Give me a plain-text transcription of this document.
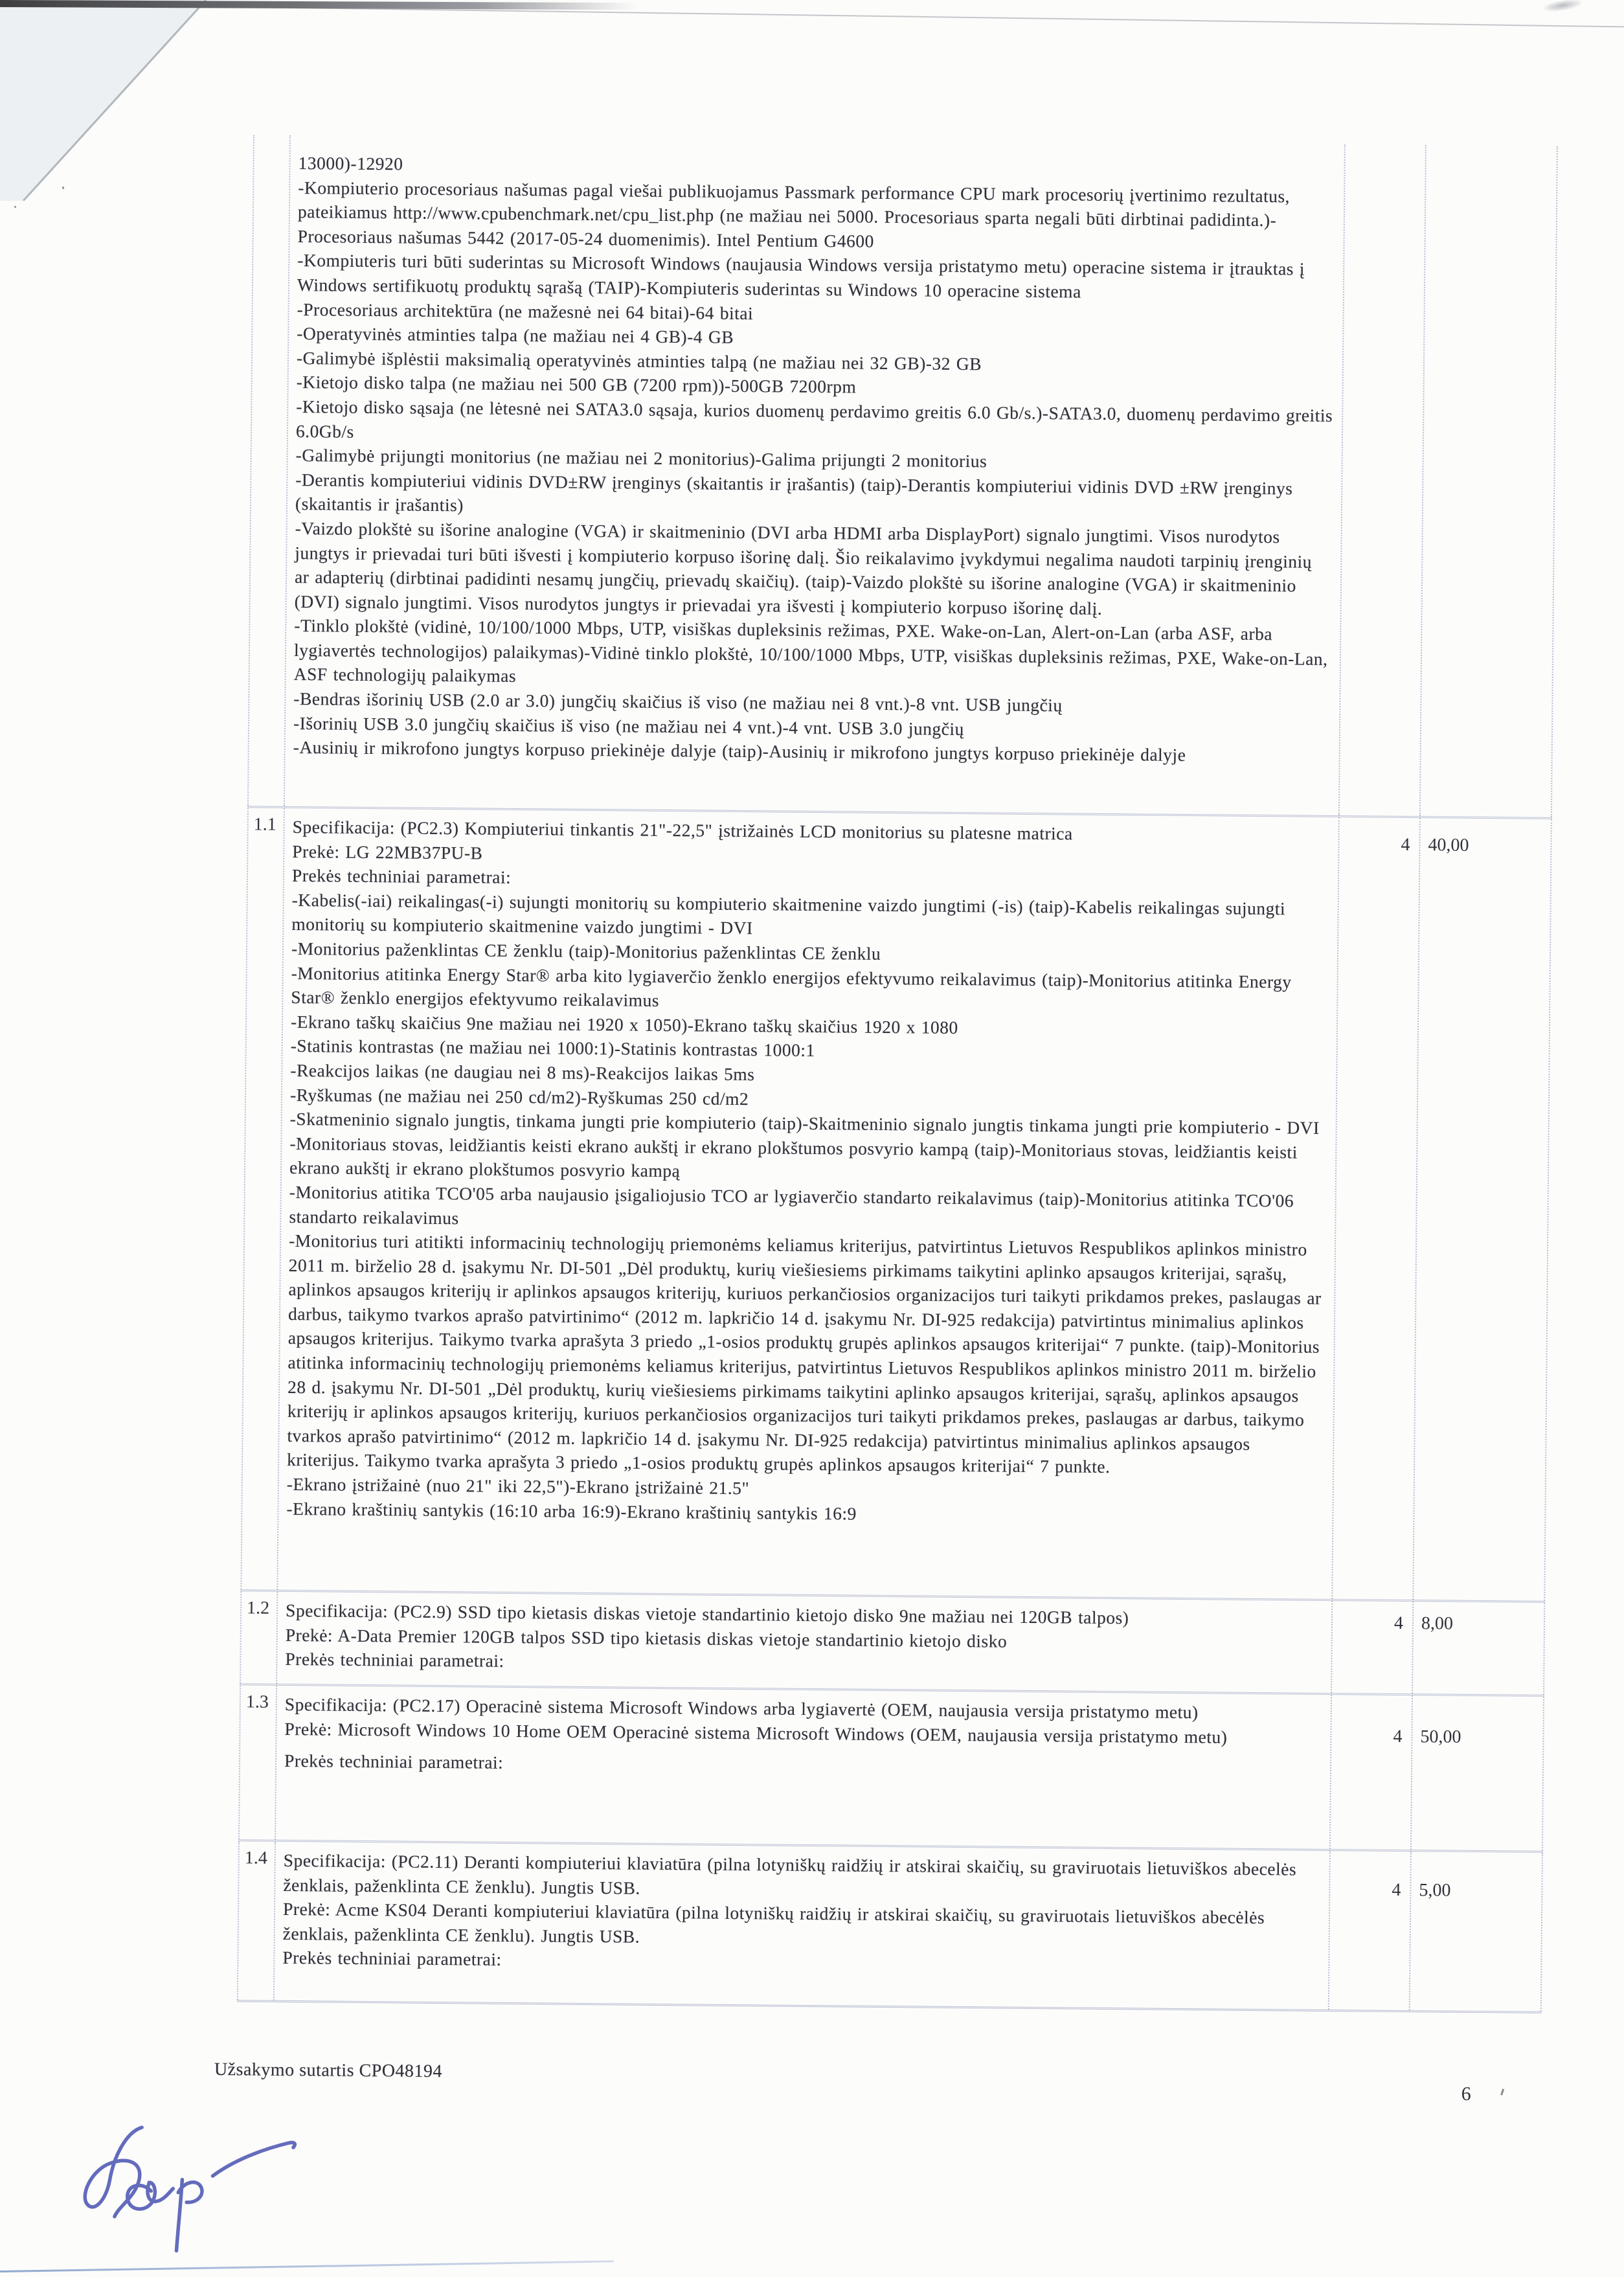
13000)-12920
-Kompiuterio procesoriaus našumas pagal viešai publikuojamus Passmark performance CPU mark procesorių įvertinimo rezultatus, pateikiamus http://www.cpubenchmark.net/cpu_list.php (ne mažiau nei 5000. Procesoriaus sparta negali būti dirbtinai padidinta.)-Procesoriaus našumas 5442 (2017-05-24 duomenimis). Intel Pentium G4600
-Kompiuteris turi būti suderintas su Microsoft Windows (naujausia Windows versija pristatymo metu) operacine sistema ir įtrauktas į Windows sertifikuotų produktų sąrašą (TAIP)-Kompiuteris suderintas su Windows 10 operacine sistema
-Procesoriaus architektūra (ne mažesnė nei 64 bitai)-64 bitai
-Operatyvinės atminties talpa (ne mažiau nei 4 GB)-4 GB
-Galimybė išplėstii maksimalią operatyvinės atminties talpą (ne mažiau nei 32 GB)-32 GB
-Kietojo disko talpa (ne mažiau nei 500 GB (7200 rpm))-500GB 7200rpm
-Kietojo disko sąsaja (ne lėtesnė nei SATA3.0 sąsaja, kurios duomenų perdavimo greitis 6.0 Gb/s.)-SATA3.0, duomenų perdavimo greitis 6.0Gb/s
-Galimybė prijungti monitorius (ne mažiau nei 2 monitorius)-Galima prijungti 2 monitorius
-Derantis kompiuteriui vidinis DVD±RW įrenginys (skaitantis ir įrašantis) (taip)-Derantis kompiuteriui vidinis DVD ±RW įrenginys (skaitantis ir įrašantis)
-Vaizdo plokštė su išorine analogine (VGA) ir skaitmeninio (DVI arba HDMI arba DisplayPort) signalo jungtimi. Visos nurodytos jungtys ir prievadai turi būti išvesti į kompiuterio korpuso išorinę dalį. Šio reikalavimo įvykdymui negalima naudoti tarpinių įrenginių ar adapterių (dirbtinai padidinti nesamų jungčių, prievadų skaičių). (taip)-Vaizdo plokštė su išorine analogine (VGA) ir skaitmeninio (DVI) signalo jungtimi. Visos nurodytos jungtys ir prievadai yra išvesti į kompiuterio korpuso išorinę dalį.
-Tinklo plokštė (vidinė, 10/100/1000 Mbps, UTP, visiškas dupleksinis režimas, PXE. Wake-on-Lan, Alert-on-Lan (arba ASF, arba lygiavertės technologijos) palaikymas)-Vidinė tinklo plokštė, 10/100/1000 Mbps, UTP, visiškas dupleksinis režimas, PXE, Wake-on-Lan, ASF technologijų palaikymas
-Bendras išorinių USB (2.0 ar 3.0) jungčių skaičius iš viso (ne mažiau nei 8 vnt.)-8 vnt. USB jungčių
-Išorinių USB 3.0 jungčių skaičius iš viso (ne mažiau nei 4 vnt.)-4 vnt. USB 3.0 jungčių
-Ausinių ir mikrofono jungtys korpuso priekinėje dalyje (taip)-Ausinių ir mikrofono jungtys korpuso priekinėje dalyje
1.1 Specifikacija: (PC2.3) Kompiuteriui tinkantis 21"-22,5" įstrižainės LCD monitorius su platesne matrica
Prekė: LG 22MB37PU-B
Prekės techniniai parametrai:
-Kabelis(-iai) reikalingas(-i) sujungti monitorių su kompiuterio skaitmenine vaizdo jungtimi (-is) (taip)-Kabelis reikalingas sujungti monitorių su kompiuterio skaitmenine vaizdo jungtimi - DVI
-Monitorius paženklintas CE ženklu (taip)-Monitorius paženklintas CE ženklu
-Monitorius atitinka Energy Star® arba kito lygiaverčio ženklo energijos efektyvumo reikalavimus (taip)-Monitorius atitinka Energy Star® ženklo energijos efektyvumo reikalavimus
-Ekrano taškų skaičius 9ne mažiau nei 1920 x 1050)-Ekrano taškų skaičius 1920 x 1080
-Statinis kontrastas (ne mažiau nei 1000:1)-Statinis kontrastas 1000:1
-Reakcijos laikas (ne daugiau nei 8 ms)-Reakcijos laikas 5ms
-Ryškumas (ne mažiau nei 250 cd/m2)-Ryškumas 250 cd/m2
-Skatmeninio signalo jungtis, tinkama jungti prie kompiuterio (taip)-Skaitmeninio signalo jungtis tinkama jungti prie kompiuterio - DVI
-Monitoriaus stovas, leidžiantis keisti ekrano aukštį ir ekrano plokštumos posvyrio kampą (taip)-Monitoriaus stovas, leidžiantis keisti ekrano aukštį ir ekrano plokštumos posvyrio kampą
-Monitorius atitika TCO'05 arba naujausio įsigaliojusio TCO ar lygiaverčio standarto reikalavimus (taip)-Monitorius atitinka TCO'06 standarto reikalavimus
-Monitorius turi atitikti informacinių technologijų priemonėms keliamus kriterijus, patvirtintus Lietuvos Respublikos aplinkos ministro 2011 m. birželio 28 d. įsakymu Nr. DI-501 „Dėl produktų, kurių viešiesiems pirkimams taikytini aplinko apsaugos kriterijai, sąrašų, aplinkos apsaugos kriterijų ir aplinkos apsaugos kriterijų, kuriuos perkančiosios organizacijos turi taikyti prikdamos prekes, paslaugas ar darbus, taikymo tvarkos aprašo patvirtinimo“ (2012 m. lapkričio 14 d. įsakymu Nr. DI-925 redakcija) patvirtintus minimalius aplinkos apsaugos kriterijus. Taikymo tvarka aprašyta 3 priedo „1-osios produktų grupės aplinkos apsaugos kriterijai“ 7 punkte. (taip)-Monitorius atitinka informacinių technologijų priemonėms keliamus kriterijus, patvirtintus Lietuvos Respublikos aplinkos ministro 2011 m. birželio 28 d. įsakymu Nr. DI-501 „Dėl produktų, kurių viešiesiems pirkimams taikytini aplinko apsaugos kriterijai, sąrašų, aplinkos apsaugos kriterijų ir aplinkos apsaugos kriterijų, kuriuos perkančiosios organizacijos turi taikyti prikdamos prekes, paslaugas ar darbus, taikymo tvarkos aprašo patvirtinimo“ (2012 m. lapkričio 14 d. įsakymu Nr. DI-925 redakcija) patvirtintus minimalius aplinkos apsaugos kriterijus. Taikymo tvarka aprašyta 3 priedo „1-osios produktų grupės aplinkos apsaugos kriterijai“ 7 punkte.
-Ekrano įstrižainė (nuo 21" iki 22,5")-Ekrano įstrižainė 21.5"
-Ekrano kraštinių santykis (16:10 arba 16:9)-Ekrano kraštinių santykis 16:9
4 40,00
1.2 Specifikacija: (PC2.9) SSD tipo kietasis diskas vietoje standartinio kietojo disko 9ne mažiau nei 120GB talpos)
Prekė: A-Data Premier 120GB talpos SSD tipo kietasis diskas vietoje standartinio kietojo disko
Prekės techniniai parametrai:
4 8,00
1.3 Specifikacija: (PC2.17) Operacinė sistema Microsoft Windows arba lygiavertė (OEM, naujausia versija pristatymo metu)
Prekė: Microsoft Windows 10 Home OEM Operacinė sistema Microsoft Windows (OEM, naujausia versija pristatymo metu)
Prekės techniniai parametrai:
4 50,00
1.4 Specifikacija: (PC2.11) Deranti kompiuteriui klaviatūra (pilna lotyniškų raidžių ir atskirai skaičių, su graviruotais lietuviškos abecelės ženklais, paženklinta CE ženklu). Jungtis USB.
Prekė: Acme KS04 Deranti kompiuteriui klaviatūra (pilna lotyniškų raidžių ir atskirai skaičių, su graviruotais lietuviškos abecėlės ženklais, paženklinta CE ženklu). Jungtis USB.
Prekės techniniai parametrai:
4 5,00
Užsakymo sutartis CPO48194
6
